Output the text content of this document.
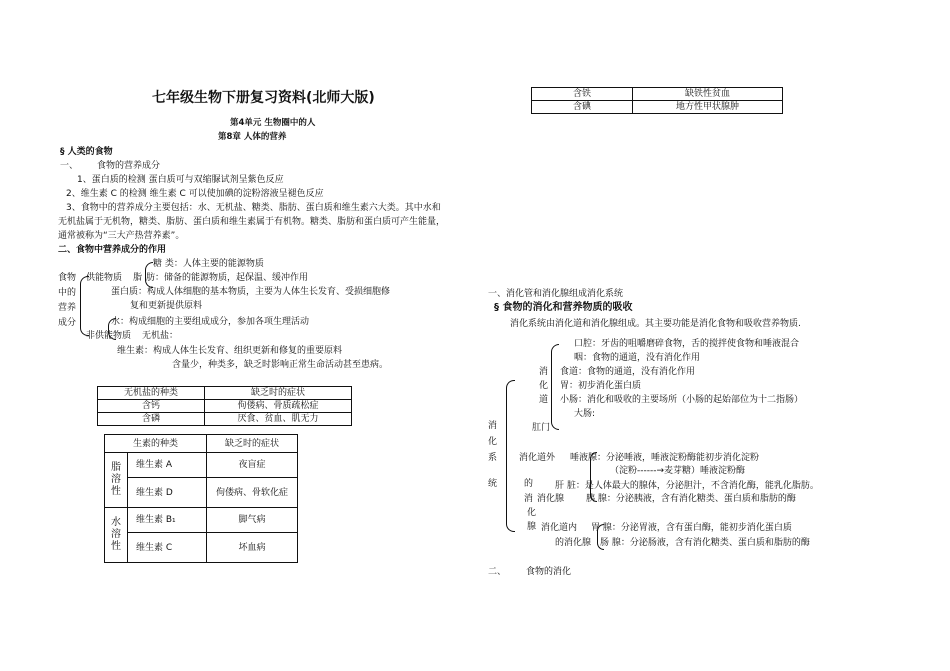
七年级生物下册复习资料(北师大版)
第4单元 生物圈中的人
第8章 人体的营养
§ 人类的食物
一、 食物的营养成分
1、蛋白质的检测 蛋白质可与双缩脲试剂呈紫色反应
2、维生素 C 的检测 维生素 C 可以使加碘的淀粉溶液呈褪色反应
3、食物中的营养成分主要包括：水、无机盐、糖类、脂肪、蛋白质和维生素六大类。其中水和
无机盐属于无机物，糖类、脂肪、蛋白质和维生素属于有机物。糖类、脂肪和蛋白质可产生能量，
通常被称为“三大产热营养素”。
二、食物中营养成分的作用
食物
中的
营养
成分
供能物质
糖 类：人体主要的能源物质
脂 肪：储备的能源物质，起保温、缓冲作用
蛋白质：构成人体细胞的基本物质，主要为人体生长发育、受损细胞修
复和更新提供原料
水：构成细胞的主要组成成分，参加各项生理活动
非供能物质 无机盐：
维生素：构成人体生长发育、组织更新和修复的重要原料
含量少，种类多，缺乏时影响正常生命活动甚至患病。
无机盐的种类	缺乏时的症状
含钙	佝偻病、骨质疏松症
含磷	厌食、贫血、肌无力
生素的种类		缺乏时的症状

脂
溶
性	维生素 A	夜盲症
	维生素 D	佝偻病、骨软化症

水
溶
性	维生素 B₁	脚气病
	维生素 C	坏血病
含铁	缺铁性贫血
含碘	地方性甲状腺肿
一、消化管和消化腺组成消化系统
§ 食物的消化和营养物质的吸收
消化系统由消化道和消化腺组成。其主要功能是消化食物和吸收营养物质.
消
化
系
统
消
化
道
口腔：牙齿的咀嚼磨碎食物，舌的搅拌使食物和唾液混合
咽：食物的通道，没有消化作用
食道：食物的通道，没有消化作用
胃：初步消化蛋白质
小肠：消化和吸收的主要场所（小肠的起始部位为十二指肠）
大肠:
肛门
消化道外
的
消
化
腺
消化腺
唾液腺：分泌唾液，唾液淀粉酶能初步消化淀粉
（淀粉------→麦芽糖）唾液淀粉酶
肝 脏：是人体最大的腺体，分泌胆汁，不含消化酶，能乳化脂肪。
胰 腺：分泌胰液，含有消化糖类、蛋白质和脂肪的酶
消化道内
的消化腺
胃 腺：分泌胃液，含有蛋白酶，能初步消化蛋白质
肠 腺：分泌肠液，含有消化糖类、蛋白质和脂肪的酶
二、 食物的消化
